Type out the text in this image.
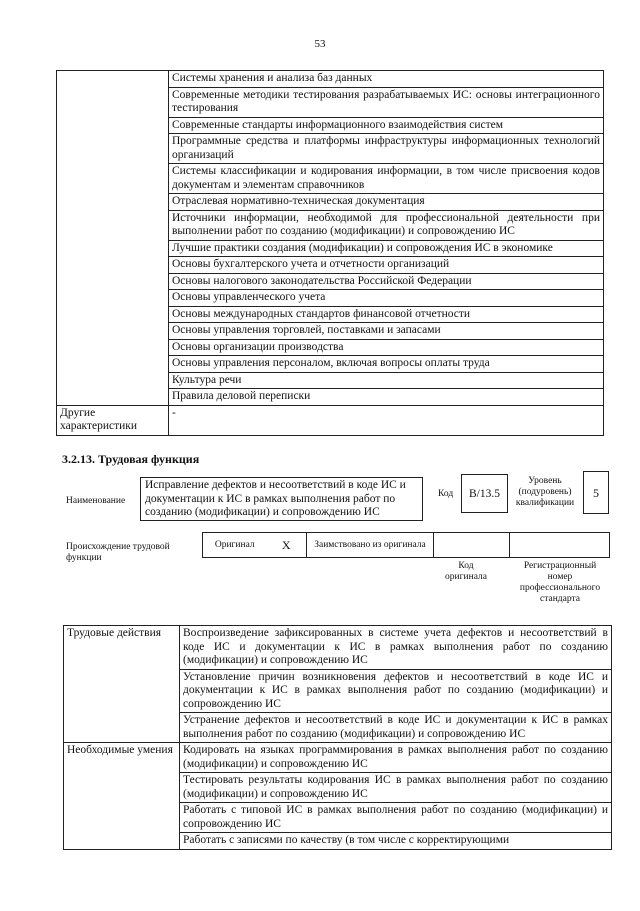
53
	Системы хранения и анализа баз данных
	Современные методики тестирования разрабатываемых ИС: основы интеграционного тестирования
	Современные стандарты информационного взаимодействия систем
	Программные средства и платформы инфраструктуры информационных технологий организаций
	Системы классификации и кодирования информации, в том числе присвоения кодов документам и элементам справочников
	Отраслевая нормативно-техническая документация
	Источники информации, необходимой для профессиональной деятельности при выполнении работ по созданию (модификации) и сопровождению ИС
	Лучшие практики создания (модификации) и сопровождения ИС в экономике
	Основы бухгалтерского учета и отчетности организаций
	Основы налогового законодательства Российской Федерации
	Основы управленческого учета
	Основы международных стандартов финансовой отчетности
	Основы управления торговлей, поставками и запасами
	Основы организации производства
	Основы управления персоналом, включая вопросы оплаты труда
	Культура речи
	Правила деловой переписки
Другие характеристики	-
3.2.13. Трудовая функция
Наименование
Исправление дефектов и несоответствий в коде ИС и документации к ИС в рамках выполнения работ по созданию (модификации) и сопровождению ИС
Код	B/13.5
Уровень (подуровень) квалификации
5
Происхождение трудовой функции
Оригинал	X	Заимствовано из оригинала		
Код оригинала
Регистрационный номер профессионального стандарта
Трудовые действия	Воспроизведение зафиксированных в системе учета дефектов и несоответствий в коде ИС и документации к ИС в рамках выполнения работ по созданию (модификации) и сопровождению ИС
	Установление причин возникновения дефектов и несоответствий в коде ИС и документации к ИС в рамках выполнения работ по созданию (модификации) и сопровождению ИС
	Устранение дефектов и несоответствий в коде ИС и документации к ИС в рамках выполнения работ по созданию (модификации) и сопровождению ИС
Необходимые умения	Кодировать на языках программирования в рамках выполнения работ по созданию (модификации) и сопровождению ИС
	Тестировать результаты кодирования ИС в рамках выполнения работ по созданию (модификации) и сопровождению ИС
	Работать с типовой ИС в рамках выполнения работ по созданию (модификации) и сопровождению ИС
	Работать с записями по качеству (в том числе с корректирующими
